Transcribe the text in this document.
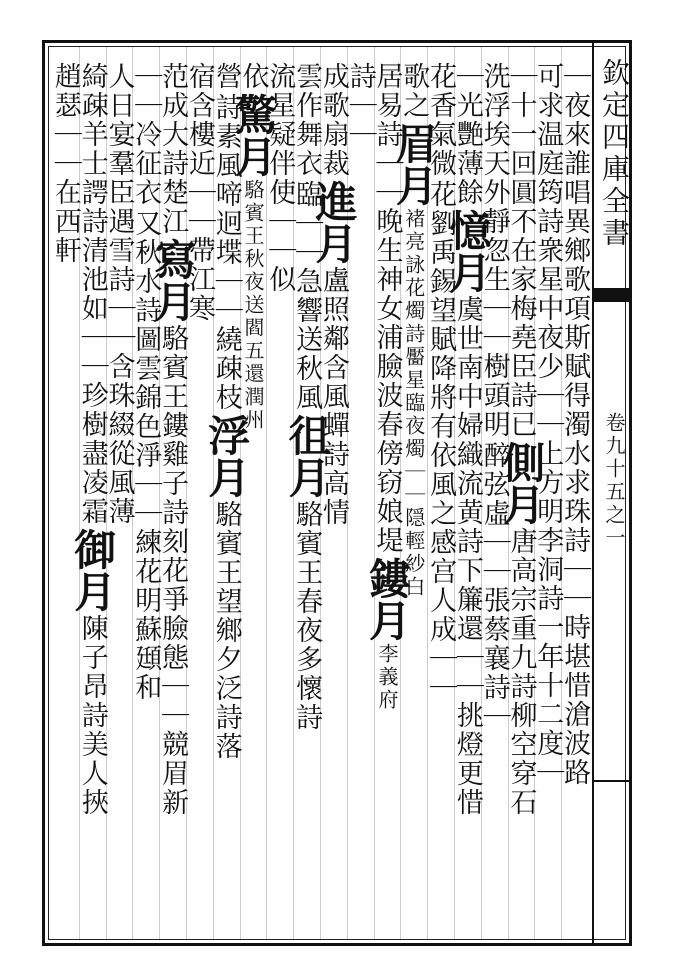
欽定四庫全書
卷九十五之一
｜夜來誰唱異鄉歌項斯賦得濁水求珠詩｜｜時堪惜滄波路
可求温庭筠詩衆星中夜少｜｜上方明李洞詩一年十二度｜
｜十一回圓不在家梅堯臣詩已
側月
唐高宗重九詩柳空穿石
洗浮埃天外靜忽生｜｜樹頭明
醉弦虛｜｜張蔡襄詩｜
｜光艷薄餘
憶月
虞世南中婦織流黄詩下簾還｜｜挑燈更惜
花香氣微
花劉禹錫望賦降將有依風之感宫人成｜｜
歌之
眉月
褚亮詠花燭詩靨星臨夜燭｜｜隠輕紗白
居易詩｜｜晚生神女浦臉波春傍窃娘堤
鏤月
李義府
詩｜｜
成歌扇裁
進月
盧照鄰含風蟬詩高情
雲作舞衣
臨｜｜急響送秋風
徂月
駱賓王春夜多懷詩
流星疑伴使｜｜似
依
驚月
駱賓王秋夜送閻五還潤州
營
詩素風啼迥堞｜｜繞疎枝
浮月
駱賓王望鄉夕泛詩落
宿含樓近｜｜帶江寒
范成大詩楚江
寫月
駱賓王鏤雞子詩刻花爭臉態｜｜競眉新
｜｜冷征衣
又秋水詩圖雲錦色淨｜｜練花明蘇頲和
人日宴羣臣遇雪詩｜｜含珠綴從風薄
綺疎羊士諤詩清池如｜｜珍樹盡凌霜
御月
陳子昂詩美人挾
趙瑟｜｜在西軒
